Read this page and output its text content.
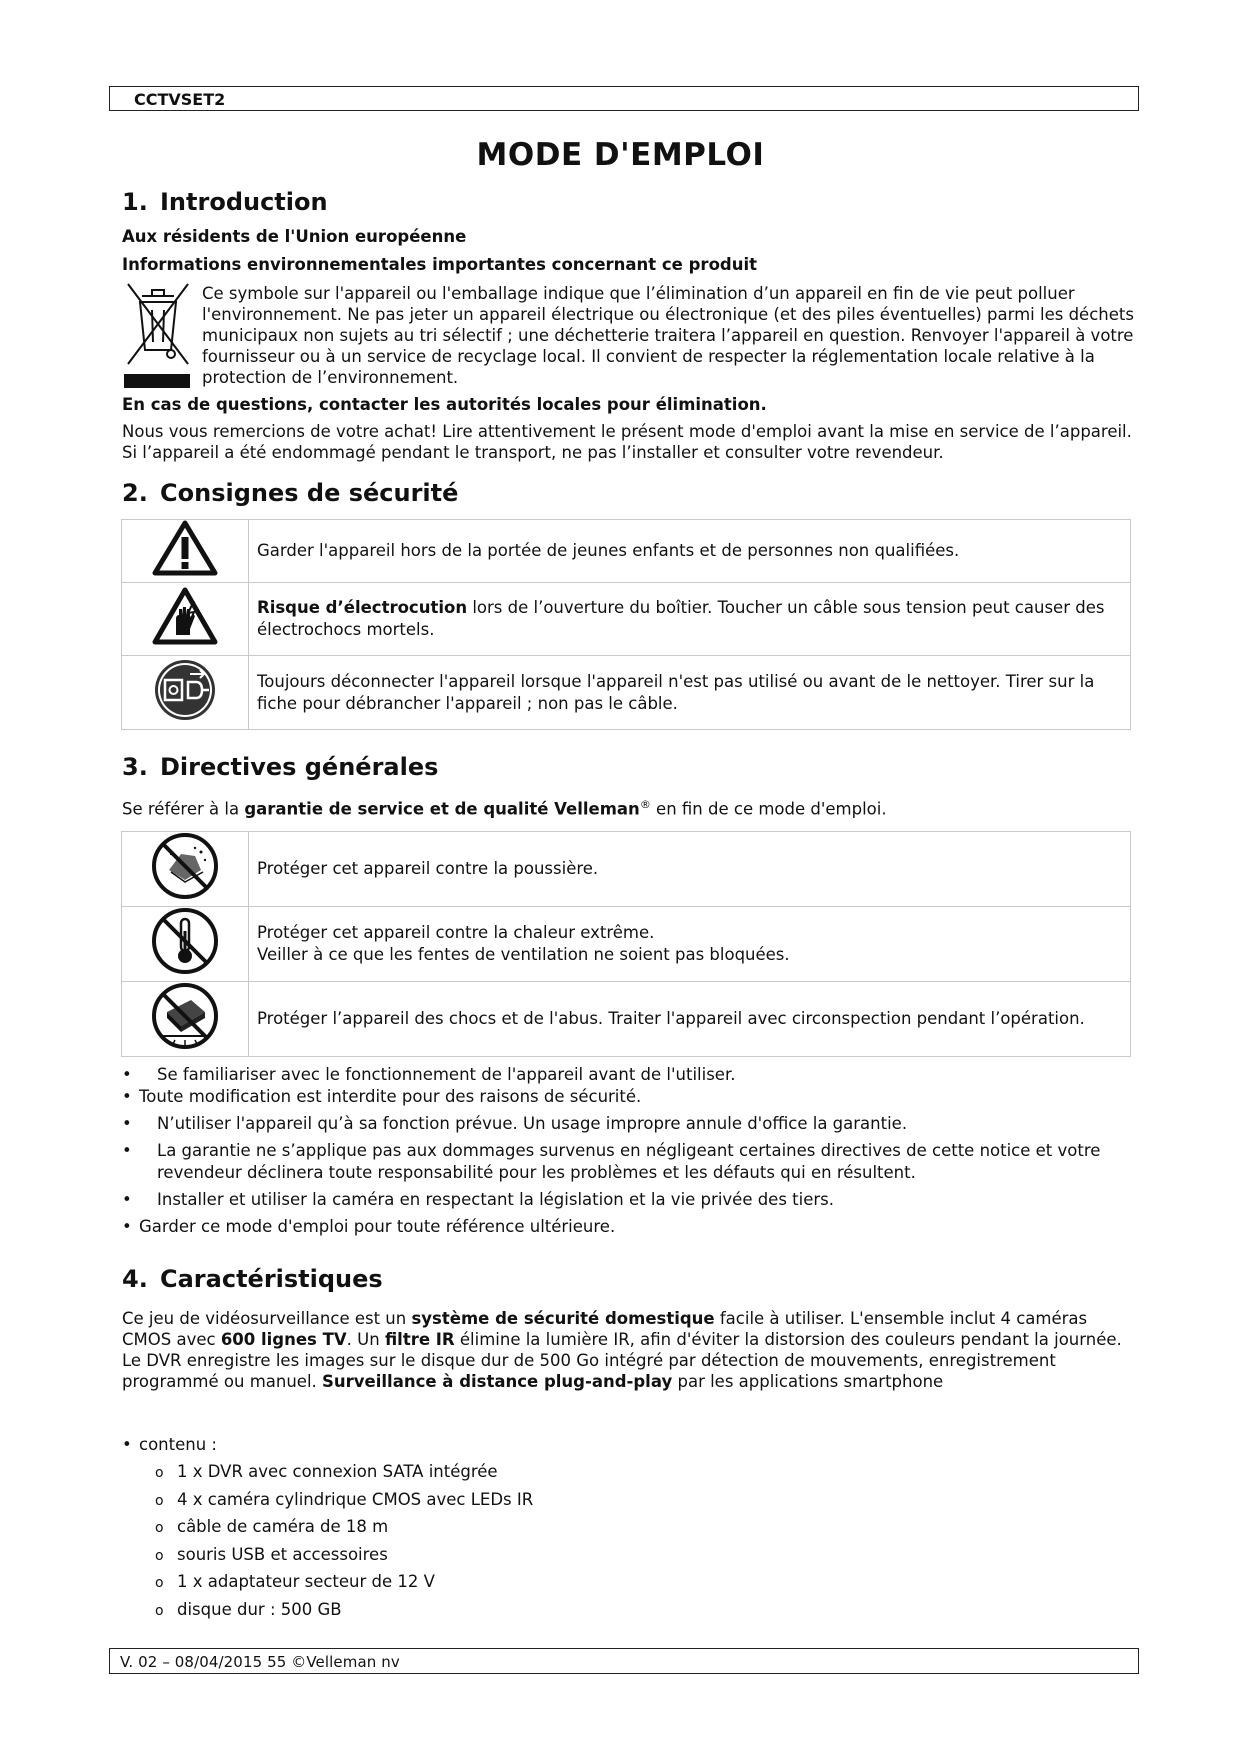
CCTVSET2
MODE D'EMPLOI
1. Introduction
Aux résidents de l'Union européenne
Informations environnementales importantes concernant ce produit
Ce symbole sur l'appareil ou l'emballage indique que l’élimination d’un appareil en fin de vie peut polluer l'environnement. Ne pas jeter un appareil électrique ou électronique (et des piles éventuelles) parmi les déchets municipaux non sujets au tri sélectif ; une déchetterie traitera l’appareil en question. Renvoyer l'appareil à votre fournisseur ou à un service de recyclage local. Il convient de respecter la réglementation locale relative à la protection de l’environnement.
En cas de questions, contacter les autorités locales pour élimination.
Nous vous remercions de votre achat! Lire attentivement le présent mode d'emploi avant la mise en service de l’appareil. Si l’appareil a été endommagé pendant le transport, ne pas l’installer et consulter votre revendeur.
2. Consignes de sécurité
	Garder l'appareil hors de la portée de jeunes enfants et de personnes non qualifiées.
	Risque d’électrocution lors de l’ouverture du boîtier. Toucher un câble sous tension peut causer des électrochocs mortels.
	Toujours déconnecter l'appareil lorsque l'appareil n'est pas utilisé ou avant de le nettoyer. Tirer sur la fiche pour débrancher l'appareil ; non pas le câble.
3. Directives générales
Se référer à la garantie de service et de qualité Velleman® en fin de ce mode d'emploi.
	Protéger cet appareil contre la poussière.
	Protéger cet appareil contre la chaleur extrême.
Veiller à ce que les fentes de ventilation ne soient pas bloquées.
	Protéger l’appareil des chocs et de l'abus. Traiter l'appareil avec circonspection pendant l’opération.
• Se familiariser avec le fonctionnement de l'appareil avant de l'utiliser.
• Toute modification est interdite pour des raisons de sécurité.
• N’utiliser l'appareil qu’à sa fonction prévue. Un usage impropre annule d'office la garantie.
• La garantie ne s’applique pas aux dommages survenus en négligeant certaines directives de cette notice et votre revendeur déclinera toute responsabilité pour les problèmes et les défauts qui en résultent.
• Installer et utiliser la caméra en respectant la législation et la vie privée des tiers.
• Garder ce mode d'emploi pour toute référence ultérieure.
4. Caractéristiques
Ce jeu de vidéosurveillance est un système de sécurité domestique facile à utiliser. L'ensemble inclut 4 caméras CMOS avec 600 lignes TV. Un filtre IR élimine la lumière IR, afin d'éviter la distorsion des couleurs pendant la journée. Le DVR enregistre les images sur le disque dur de 500 Go intégré par détection de mouvements, enregistrement programmé ou manuel. Surveillance à distance plug-and-play par les applications smartphone
• contenu :
o 1 x DVR avec connexion SATA intégrée
o 4 x caméra cylindrique CMOS avec LEDs IR
o câble de caméra de 18 m
o souris USB et accessoires
o 1 x adaptateur secteur de 12 V
o disque dur : 500 GB
V. 02 – 08/04/2015 55 ©Velleman nv
